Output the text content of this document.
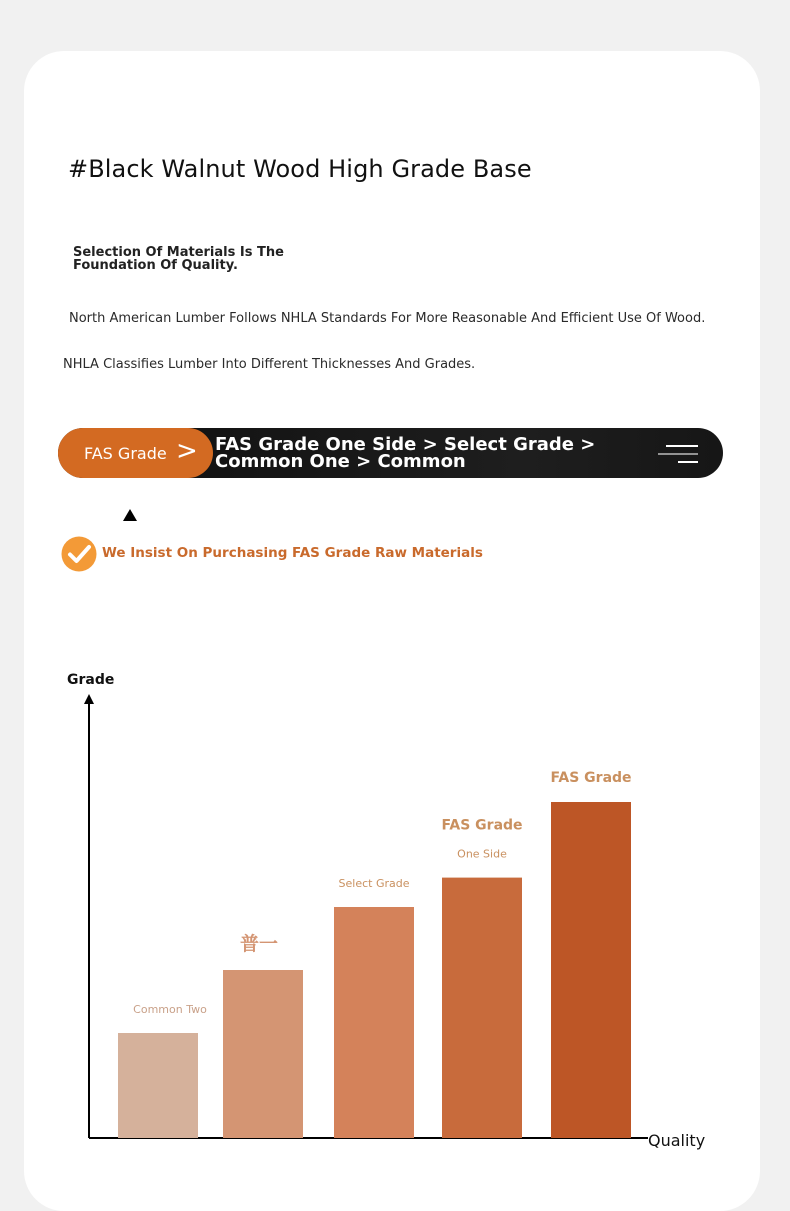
#Black Walnut Wood High Grade Base
Selection Of Materials Is The Foundation Of Quality.
North American Lumber Follows NHLA Standards For More Reasonable And Efficient Use Of Wood.
NHLA Classifies Lumber Into Different Thicknesses And Grades.
FAS Grade > FAS Grade One Side > Select Grade > Common One > Common
We Insist On Purchasing FAS Grade Raw Materials
Grade
Quality
Common Two
普一
Select Grade
FAS Grade
One Side
FAS Grade
